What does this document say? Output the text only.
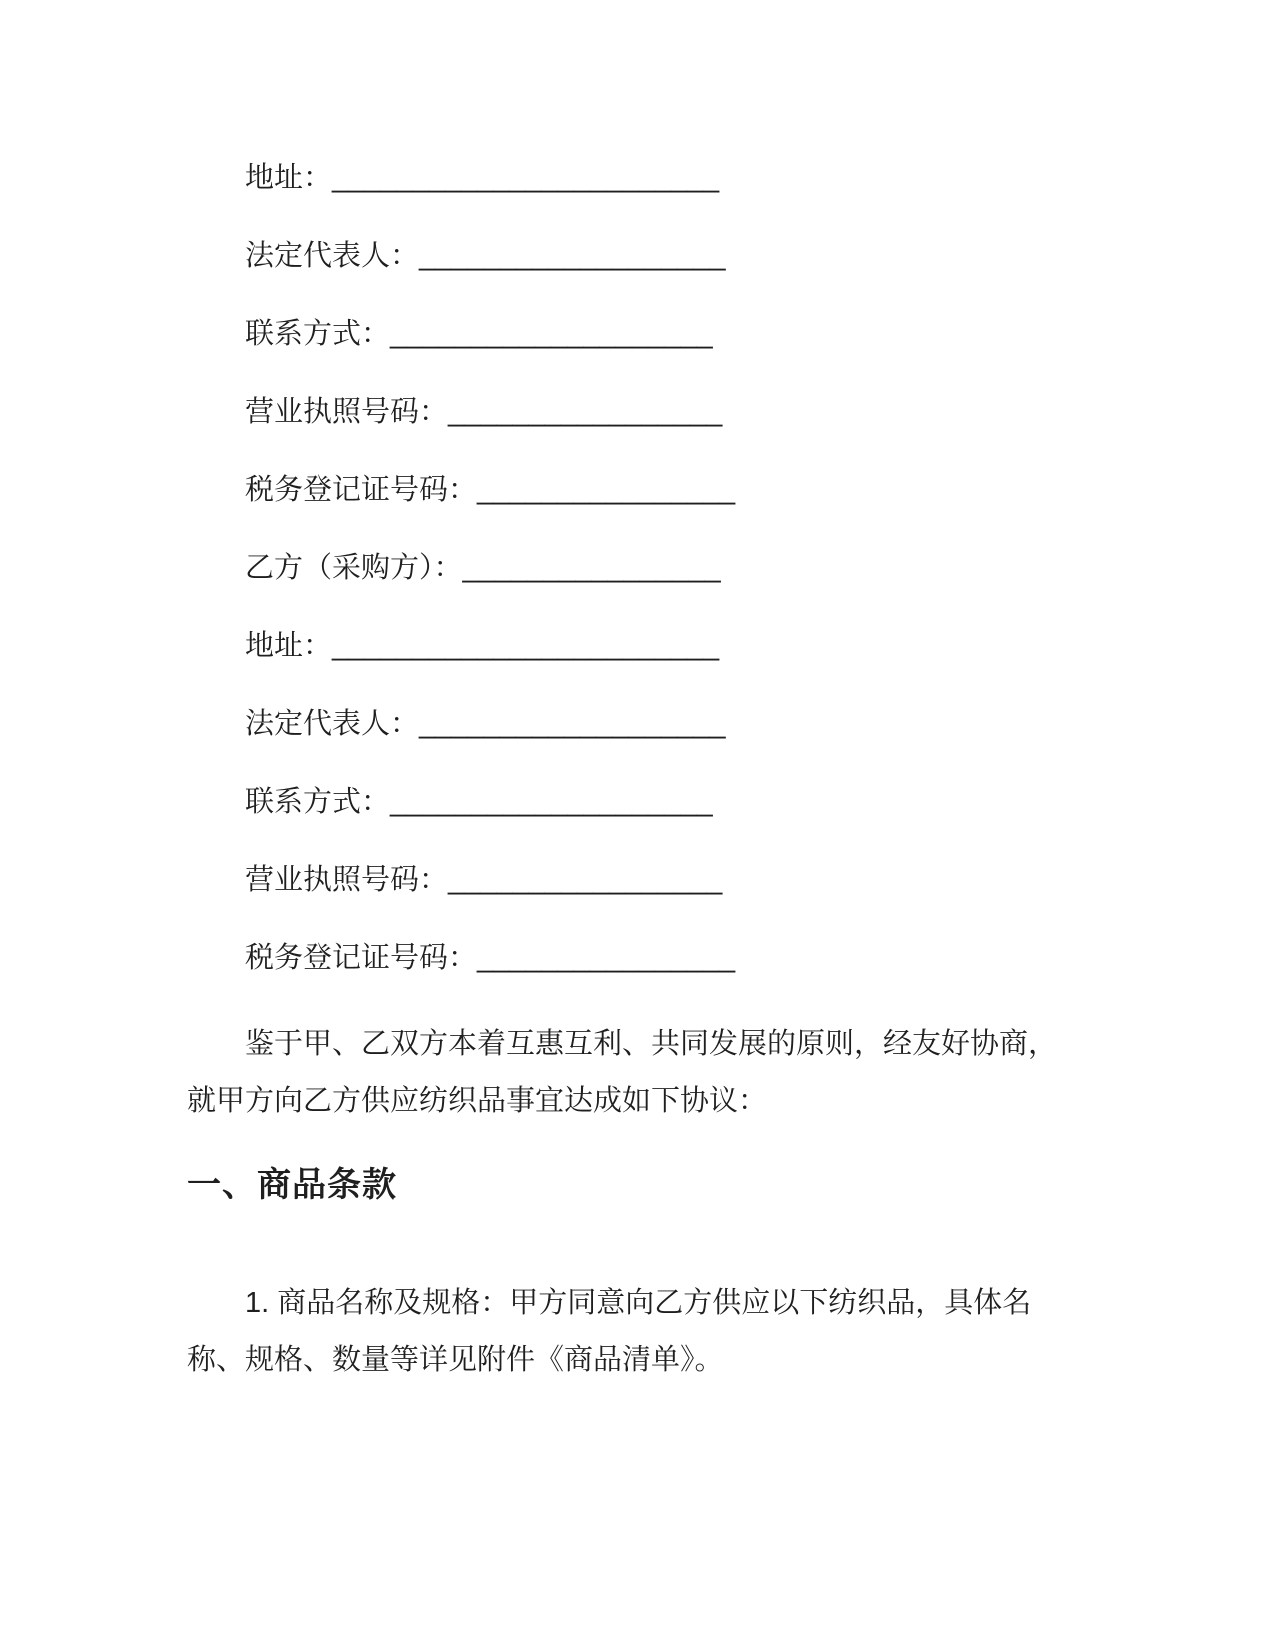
地址：________________________
法定代表人：___________________
联系方式：____________________
营业执照号码：_________________
税务登记证号码：________________
乙方（采购方）：________________
地址：________________________
法定代表人：___________________
联系方式：____________________
营业执照号码：_________________
税务登记证号码：________________

鉴于甲、乙双方本着互惠互利、共同发展的原则，经友好协商，就甲方向乙方供应纺织品事宜达成如下协议：

一、商品条款

1. 商品名称及规格：甲方同意向乙方供应以下纺织品，具体名称、规格、数量等详见附件《商品清单》。
